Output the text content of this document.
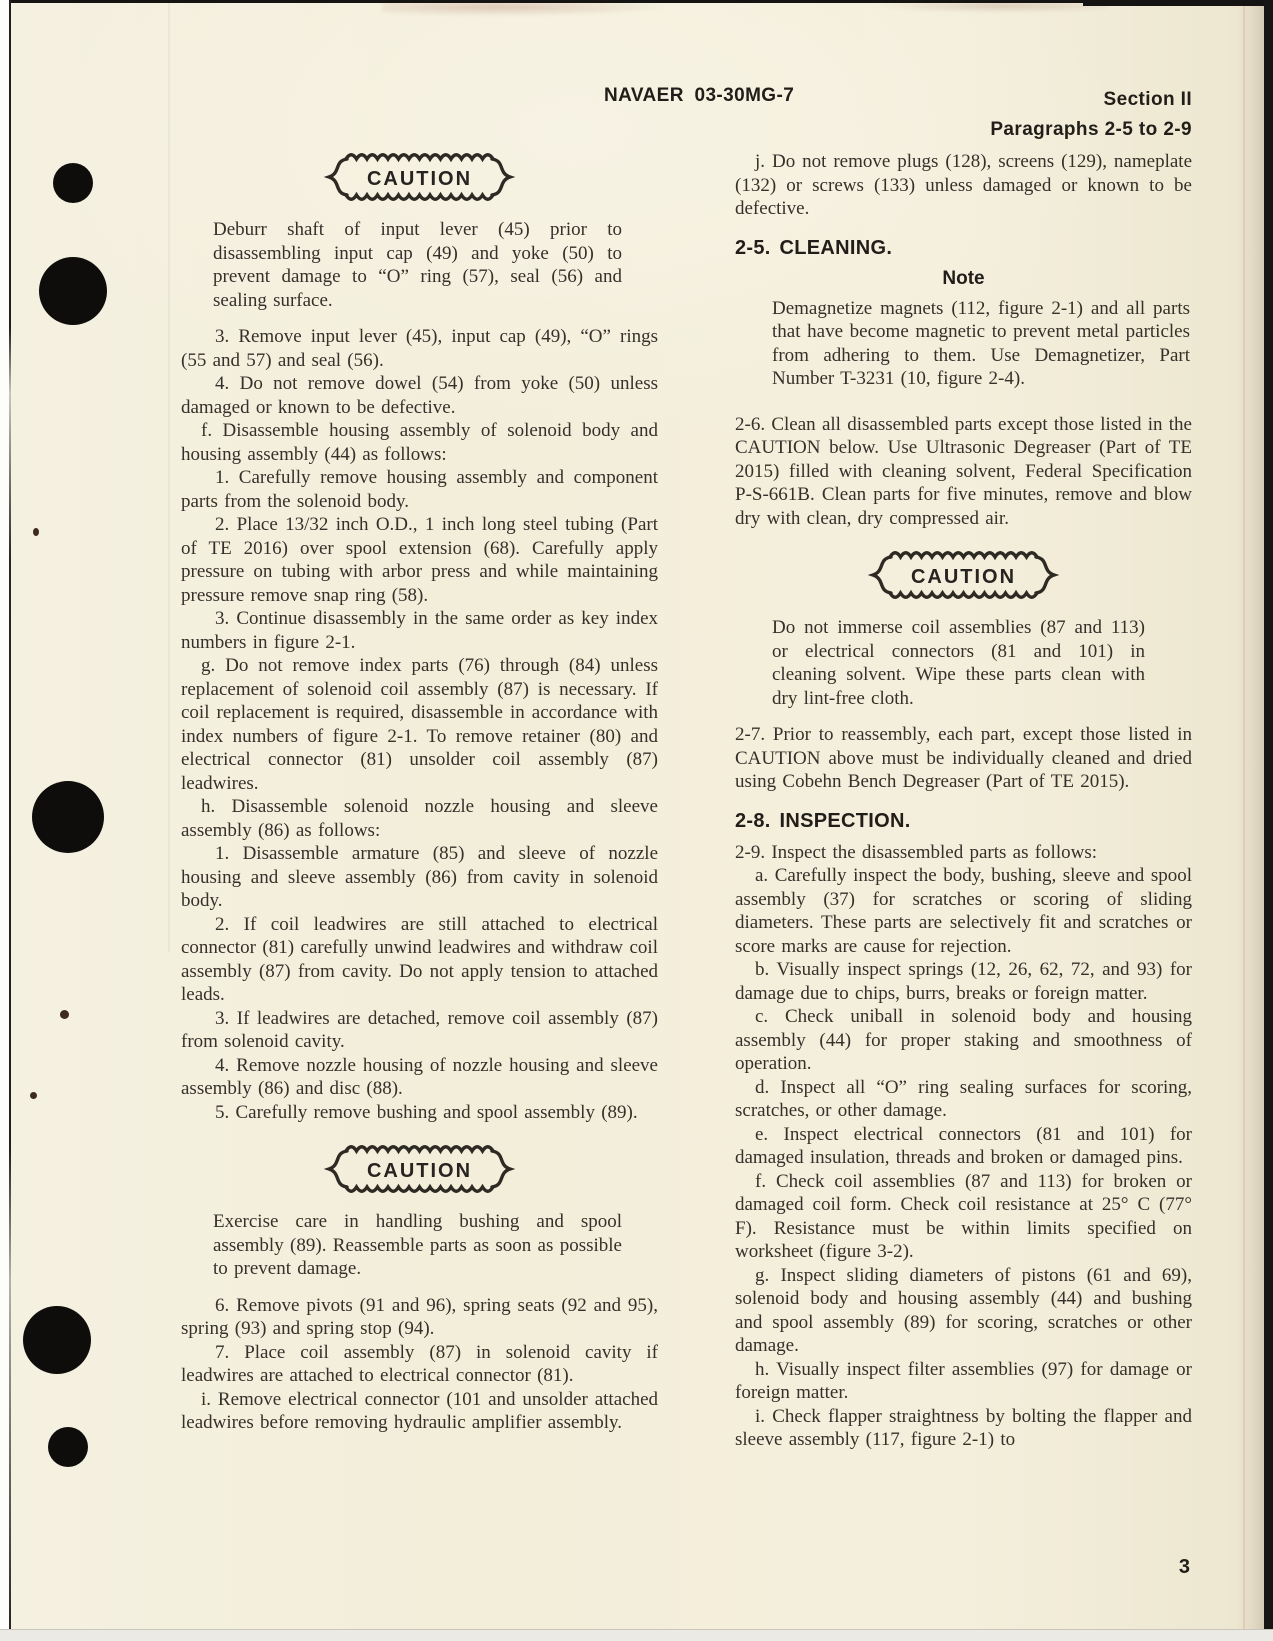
NAVAER 03-30MG-7	Section II
Paragraphs 2-5 to 2-9
CAUTION
Deburr shaft of input lever (45) prior to disassembling input cap (49) and yoke (50) to prevent damage to “O” ring (57), seal (56) and sealing surface.
3. Remove input lever (45), input cap (49), “O” rings (55 and 57) and seal (56).
4. Do not remove dowel (54) from yoke (50) unless damaged or known to be defective.
f. Disassemble housing assembly of solenoid body and housing assembly (44) as follows:
1. Carefully remove housing assembly and component parts from the solenoid body.
2. Place 13/32 inch O.D., 1 inch long steel tubing (Part of TE 2016) over spool extension (68). Carefully apply pressure on tubing with arbor press and while maintaining pressure remove snap ring (58).
3. Continue disassembly in the same order as key index numbers in figure 2-1.
g. Do not remove index parts (76) through (84) unless replacement of solenoid coil assembly (87) is necessary. If coil replacement is required, disassemble in accordance with index numbers of figure 2-1. To remove retainer (80) and electrical connector (81) unsolder coil assembly (87) leadwires.
h. Disassemble solenoid nozzle housing and sleeve assembly (86) as follows:
1. Disassemble armature (85) and sleeve of nozzle housing and sleeve assembly (86) from cavity in solenoid body.
2. If coil leadwires are still attached to electrical connector (81) carefully unwind leadwires and withdraw coil assembly (87) from cavity. Do not apply tension to attached leads.
3. If leadwires are detached, remove coil assembly (87) from solenoid cavity.
4. Remove nozzle housing of nozzle housing and sleeve assembly (86) and disc (88).
5. Carefully remove bushing and spool assembly (89).
CAUTION
Exercise care in handling bushing and spool assembly (89). Reassemble parts as soon as possible to prevent damage.
6. Remove pivots (91 and 96), spring seats (92 and 95), spring (93) and spring stop (94).
7. Place coil assembly (87) in solenoid cavity if leadwires are attached to electrical connector (81).
i. Remove electrical connector (101 and unsolder attached leadwires before removing hydraulic amplifier assembly.
j. Do not remove plugs (128), screens (129), nameplate (132) or screws (133) unless damaged or known to be defective.
2-5. CLEANING.
Note
Demagnetize magnets (112, figure 2-1) and all parts that have become magnetic to prevent metal particles from adhering to them. Use Demagnetizer, Part Number T-3231 (10, figure 2-4).
2-6. Clean all disassembled parts except those listed in the CAUTION below. Use Ultrasonic Degreaser (Part of TE 2015) filled with cleaning solvent, Federal Specification P-S-661B. Clean parts for five minutes, remove and blow dry with clean, dry compressed air.
CAUTION
Do not immerse coil assemblies (87 and 113) or electrical connectors (81 and 101) in cleaning solvent. Wipe these parts clean with dry lint-free cloth.
2-7. Prior to reassembly, each part, except those listed in CAUTION above must be individually cleaned and dried using Cobehn Bench Degreaser (Part of TE 2015).
2-8. INSPECTION.
2-9. Inspect the disassembled parts as follows:
a. Carefully inspect the body, bushing, sleeve and spool assembly (37) for scratches or scoring of sliding diameters. These parts are selectively fit and scratches or score marks are cause for rejection.
b. Visually inspect springs (12, 26, 62, 72, and 93) for damage due to chips, burrs, breaks or foreign matter.
c. Check uniball in solenoid body and housing assembly (44) for proper staking and smoothness of operation.
d. Inspect all “O” ring sealing surfaces for scoring, scratches, or other damage.
e. Inspect electrical connectors (81 and 101) for damaged insulation, threads and broken or damaged pins.
f. Check coil assemblies (87 and 113) for broken or damaged coil form. Check coil resistance at 25° C (77° F). Resistance must be within limits specified on worksheet (figure 3-2).
g. Inspect sliding diameters of pistons (61 and 69), solenoid body and housing assembly (44) and bushing and spool assembly (89) for scoring, scratches or other damage.
h. Visually inspect filter assemblies (97) for damage or foreign matter.
i. Check flapper straightness by bolting the flapper and sleeve assembly (117, figure 2-1) to
3
